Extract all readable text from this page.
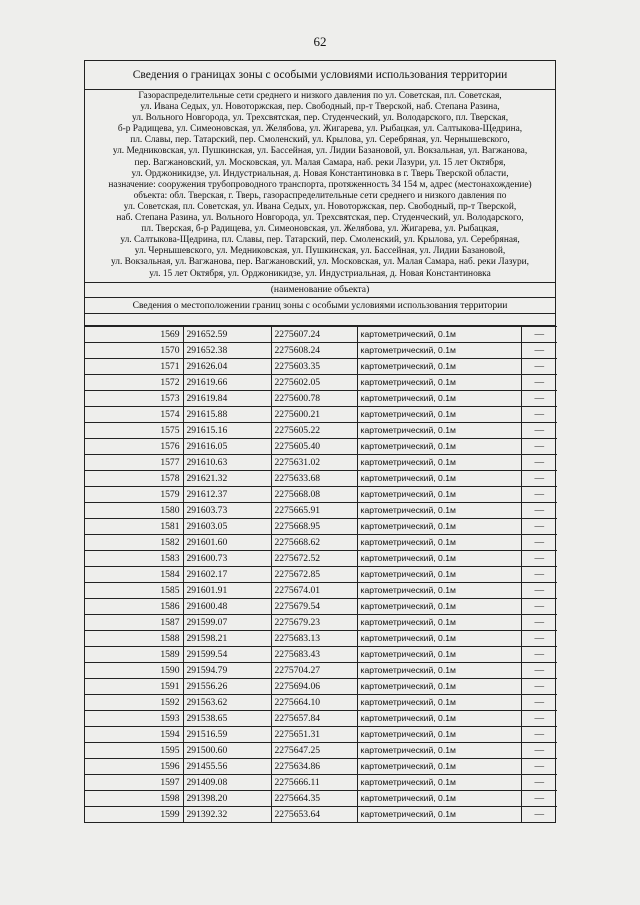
62
Сведения о границах зоны с особыми условиями использования территории
Газораспределительные сети среднего и низкого давления по ул. Советская, пл. Советская,
ул. Ивана Седых, ул. Новоторжская, пер. Свободный, пр-т Тверской, наб. Степана Разина,
ул. Вольного Новгорода, ул. Трехсвятская, пер. Студенческий, ул. Володарского, пл. Тверская,
б-р Радищева, ул. Симеоновская, ул. Желябова, ул. Жигарева, ул. Рыбацкая, ул. Салтыкова-Щедрина,
пл. Славы, пер. Татарский, пер. Смоленский, ул. Крылова, ул. Серебряная, ул. Чернышевского,
ул. Медниковская, ул. Пушкинская, ул. Бассейная, ул. Лидии Базановой, ул. Вокзальная, ул. Вагжанова,
пер. Вагжановский, ул. Московская, ул. Малая Самара, наб. реки Лазури, ул. 15 лет Октября,
ул. Орджоникидзе, ул. Индустриальная, д. Новая Константиновка в г. Тверь Тверской области,
назначение: сооружения трубопроводного транспорта, протяженность 34 154 м, адрес (местонахождение)
объекта: обл. Тверская, г. Тверь, газораспределительные сети среднего и низкого давления по
ул. Советская, пл. Советская, ул. Ивана Седых, ул. Новоторжская, пер. Свободный, пр-т Тверской,
наб. Степана Разина, ул. Вольного Новгорода, ул. Трехсвятская, пер. Студенческий, ул. Володарского,
пл. Тверская, б-р Радищева, ул. Симеоновская, ул. Желябова, ул. Жигарева, ул. Рыбацкая,
ул. Салтыкова-Щедрина, пл. Славы, пер. Татарский, пер. Смоленский, ул. Крылова, ул. Серебряная,
ул. Чернышевского, ул. Медниковская, ул. Пушкинская, ул. Бассейная, ул. Лидии Базановой,
ул. Вокзальная, ул. Вагжанова, пер. Вагжановский, ул. Московская, ул. Малая Самара, наб. реки Лазури,
ул. 15 лет Октября, ул. Орджоникидзе, ул. Индустриальная, д. Новая Константиновка
(наименование объекта)
Сведения о местоположении границ зоны с особыми условиями использования территории
1569	291652.59	2275607.24	картометрический, 0.1м	—
1570	291652.38	2275608.24	картометрический, 0.1м	—
1571	291626.04	2275603.35	картометрический, 0.1м	—
1572	291619.66	2275602.05	картометрический, 0.1м	—
1573	291619.84	2275600.78	картометрический, 0.1м	—
1574	291615.88	2275600.21	картометрический, 0.1м	—
1575	291615.16	2275605.22	картометрический, 0.1м	—
1576	291616.05	2275605.40	картометрический, 0.1м	—
1577	291610.63	2275631.02	картометрический, 0.1м	—
1578	291621.32	2275633.68	картометрический, 0.1м	—
1579	291612.37	2275668.08	картометрический, 0.1м	—
1580	291603.73	2275665.91	картометрический, 0.1м	—
1581	291603.05	2275668.95	картометрический, 0.1м	—
1582	291601.60	2275668.62	картометрический, 0.1м	—
1583	291600.73	2275672.52	картометрический, 0.1м	—
1584	291602.17	2275672.85	картометрический, 0.1м	—
1585	291601.91	2275674.01	картометрический, 0.1м	—
1586	291600.48	2275679.54	картометрический, 0.1м	—
1587	291599.07	2275679.23	картометрический, 0.1м	—
1588	291598.21	2275683.13	картометрический, 0.1м	—
1589	291599.54	2275683.43	картометрический, 0.1м	—
1590	291594.79	2275704.27	картометрический, 0.1м	—
1591	291556.26	2275694.06	картометрический, 0.1м	—
1592	291563.62	2275664.10	картометрический, 0.1м	—
1593	291538.65	2275657.84	картометрический, 0.1м	—
1594	291516.59	2275651.31	картометрический, 0.1м	—
1595	291500.60	2275647.25	картометрический, 0.1м	—
1596	291455.56	2275634.86	картометрический, 0.1м	—
1597	291409.08	2275666.11	картометрический, 0.1м	—
1598	291398.20	2275664.35	картометрический, 0.1м	—
1599	291392.32	2275653.64	картометрический, 0.1м	—
